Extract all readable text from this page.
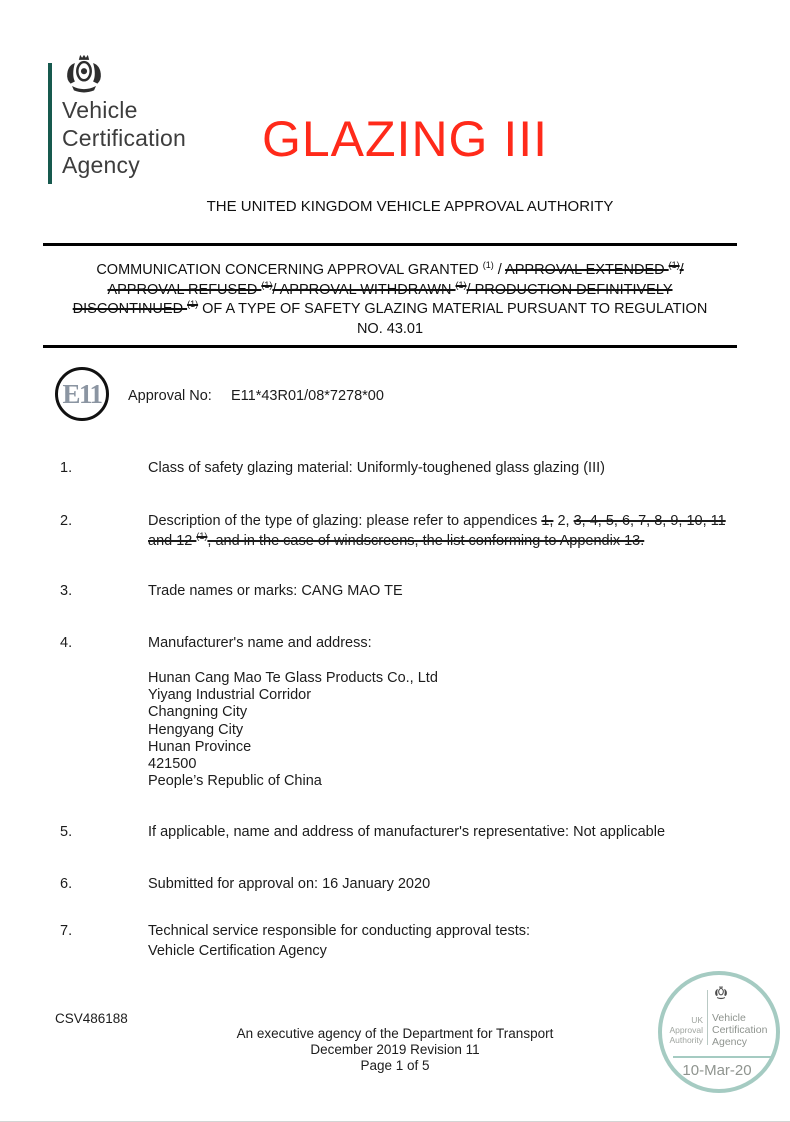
Vehicle
Certification
Agency	GLAZING III
THE UNITED KINGDOM VEHICLE APPROVAL AUTHORITY
COMMUNICATION CONCERNING APPROVAL GRANTED $^{(1)}$ / APPROVAL EXTENDED $^{(1)}$/
APPROVAL REFUSED $^{(1)}$/ APPROVAL WITHDRAWN $^{(1)}$/ PRODUCTION DEFINITIVELY
DISCONTINUED $^{(1)}$ OF A TYPE OF SAFETY GLAZING MATERIAL PURSUANT TO REGULATION
NO. 43.01
E11 Approval No: E11*43R01/08*7278*00
1.	Class of safety glazing material: Uniformly-toughened glass glazing (III)
2.	Description of the type of glazing: please refer to appendices 1, 2, 3, 4, 5, 6, 7, 8, 9, 10, 11 and 12 $^{(1)}$, and in the case of windscreens, the list conforming to Appendix 13.
3.	Trade names or marks: CANG MAO TE
4.	Manufacturer's name and address:
Hunan Cang Mao Te Glass Products Co., Ltd
Yiyang Industrial Corridor
Changning City
Hengyang City
Hunan Province
421500
People’s Republic of China
5.	If applicable, name and address of manufacturer's representative: Not applicable
6.	Submitted for approval on: 16 January 2020
7.	Technical service responsible for conducting approval tests:
Vehicle Certification Agency
CSV486188
An executive agency of the Department for Transport
December 2019 Revision 11
Page 1 of 5
UK
Approval
Authority
Vehicle
Certification
Agency
10-Mar-20
